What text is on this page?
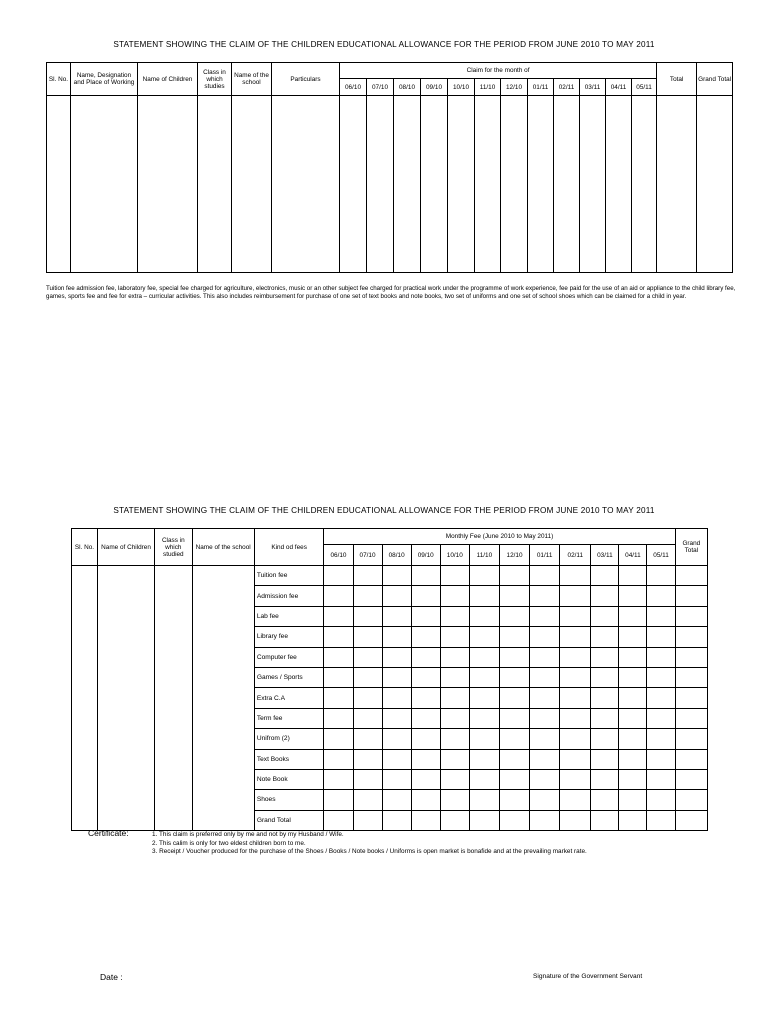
STATEMENT SHOWING THE CLAIM OF THE CHILDREN EDUCATIONAL ALLOWANCE FOR THE PERIOD FROM JUNE 2010 TO MAY 2011
Sl. No.	Name, Designation and Place of Working	Name of Children	Class in which studies	Name of the school	Particulars	Claim for the month of												Total	Grand Total
						06/10	07/10	08/10	09/10	10/10	11/10	12/10	01/11	02/11	03/11	04/11	05/11		

Tuition fee admission fee, laboratory fee, special fee charged for agriculture, electronics, music or an other subject fee charged for practical work under the programme of work experience, fee paid for the use of an aid or appliance to the child library fee, games, sports fee and fee for extra – curricular activities. This also includes reimbursement for purchase of one set of text books and note books, two set of uniforms and one set of school shoes which can be claimed for a child in year.
STATEMENT SHOWING THE CLAIM OF THE CHILDREN EDUCATIONAL ALLOWANCE FOR THE PERIOD FROM JUNE 2010 TO MAY 2011
Sl. No.	Name of Children	Class in which studied	Name of the school	Kind od fees	Monthly Fee (June 2010 to May 2011)												Grand Total
					06/10	07/10	08/10	09/10	10/10	11/10	12/10	01/11	02/11	03/11	04/11	05/11	
				Tuition fee													
				Admission fee													
				Lab fee													
				Library fee													
				Computer fee													
				Games / Sports													
				Extra C.A													
				Term fee													
				Unifrom (2)													
				Text Books													
				Note Book													
				Shoes													
				Grand Total													
Certificate:	1. This claim is preferred only by me and not by my Husband / Wife.
2. This calim is only for two eldest children born to me.
3. Receipt / Voucher produced for the purchase of the Shoes / Books / Note books / Uniforms is open market is bonafide and at the prevailing market rate.
Date :	Signature of the Government Servant
